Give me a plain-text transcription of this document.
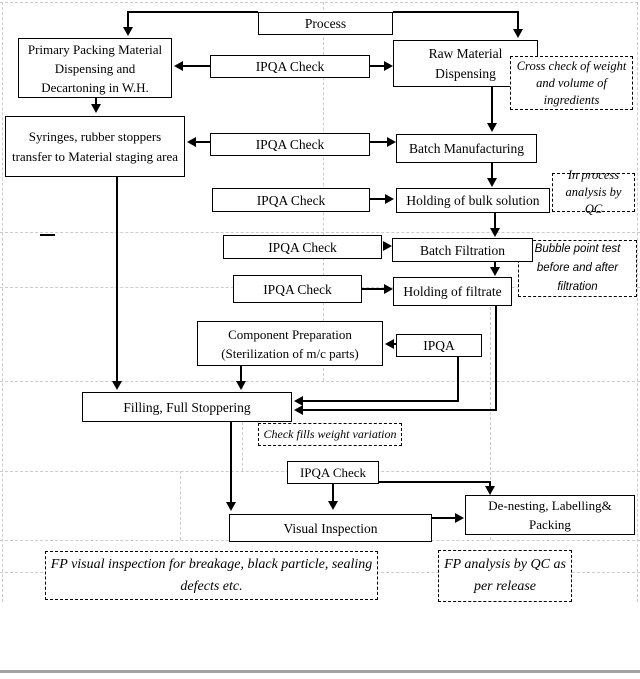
Process
Primary Packing Material Dispensing and Decartoning in W.H.
IPQA Check
Raw Material Dispensing
Syringes, rubber stoppers transfer to Material staging area
IPQA Check	Batch Manufacturing
IPQA Check	Holding of bulk solution
IPQA Check	Batch Filtration
IPQA Check	Holding of filtrate
Component Preparation (Sterilization of m/c parts)	IPQA
Filling, Full Stoppering
IPQA Check
Visual Inspection
De-nesting, Labelling& Packing
Cross check of weight and volume of ingredients
In process analysis by QC
Bubble point test before and after filtration
Check fills weight variation
FP visual inspection for breakage, black particle, sealing defects etc.
FP analysis by QC as per release
